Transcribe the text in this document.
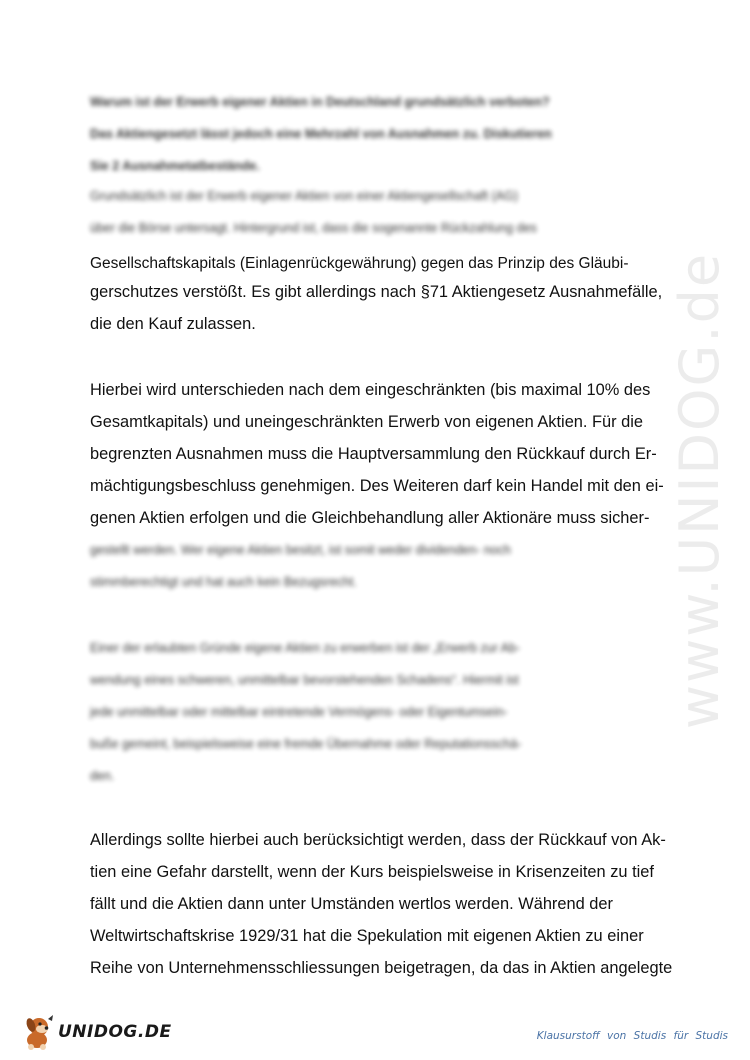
Warum ist der Erwerb eigener Aktien in Deutschland grundsätzlich verboten?
Das Aktiengesetzt lässt jedoch eine Mehrzahl von Ausnahmen zu. Diskutieren
Sie 2 Ausnahmetatbestände.
Grundsätzlich ist der Erwerb eigener Aktien von einer Aktiengesellschaft (AG)
über die Börse untersagt. Hintergrund ist, dass die sogenannte Rückzahlung des
Gesellschaftskapitals (Einlagenrückgewährung) gegen das Prinzip des Gläubi-
gerschutzes verstößt. Es gibt allerdings nach §71 Aktiengesetz Ausnahmefälle,
die den Kauf zulassen.
Hierbei wird unterschieden nach dem eingeschränkten (bis maximal 10% des
Gesamtkapitals) und uneingeschränkten Erwerb von eigenen Aktien. Für die
begrenzten Ausnahmen muss die Hauptversammlung den Rückkauf durch Er-
mächtigungsbeschluss genehmigen. Des Weiteren darf kein Handel mit den ei-
genen Aktien erfolgen und die Gleichbehandlung aller Aktionäre muss sicher-
gestellt werden. Wer eigene Aktien besitzt, ist somit weder dividenden- noch
stimmberechtigt und hat auch kein Bezugsrecht.
Einer der erlaubten Gründe eigene Aktien zu erwerben ist der „Erwerb zur Ab-
wendung eines schweren, unmittelbar bevorstehenden Schadens“. Hiermit ist
jede unmittelbar oder mittelbar eintretende Vermögens- oder Eigentumsein-
buße gemeint, beispielsweise eine fremde Übernahme oder Reputationsschä-
den.
Allerdings sollte hierbei auch berücksichtigt werden, dass der Rückkauf von Ak-
tien eine Gefahr darstellt, wenn der Kurs beispielsweise in Krisenzeiten zu tief
fällt und die Aktien dann unter Umständen wertlos werden. Während der
Weltwirtschaftskrise 1929/31 hat die Spekulation mit eigenen Aktien zu einer
Reihe von Unternehmensschliessungen beigetragen, da das in Aktien angelegte
www.UNIDOG.de
UNIDOG.DE	Klausurstoff von Studis für Studis
